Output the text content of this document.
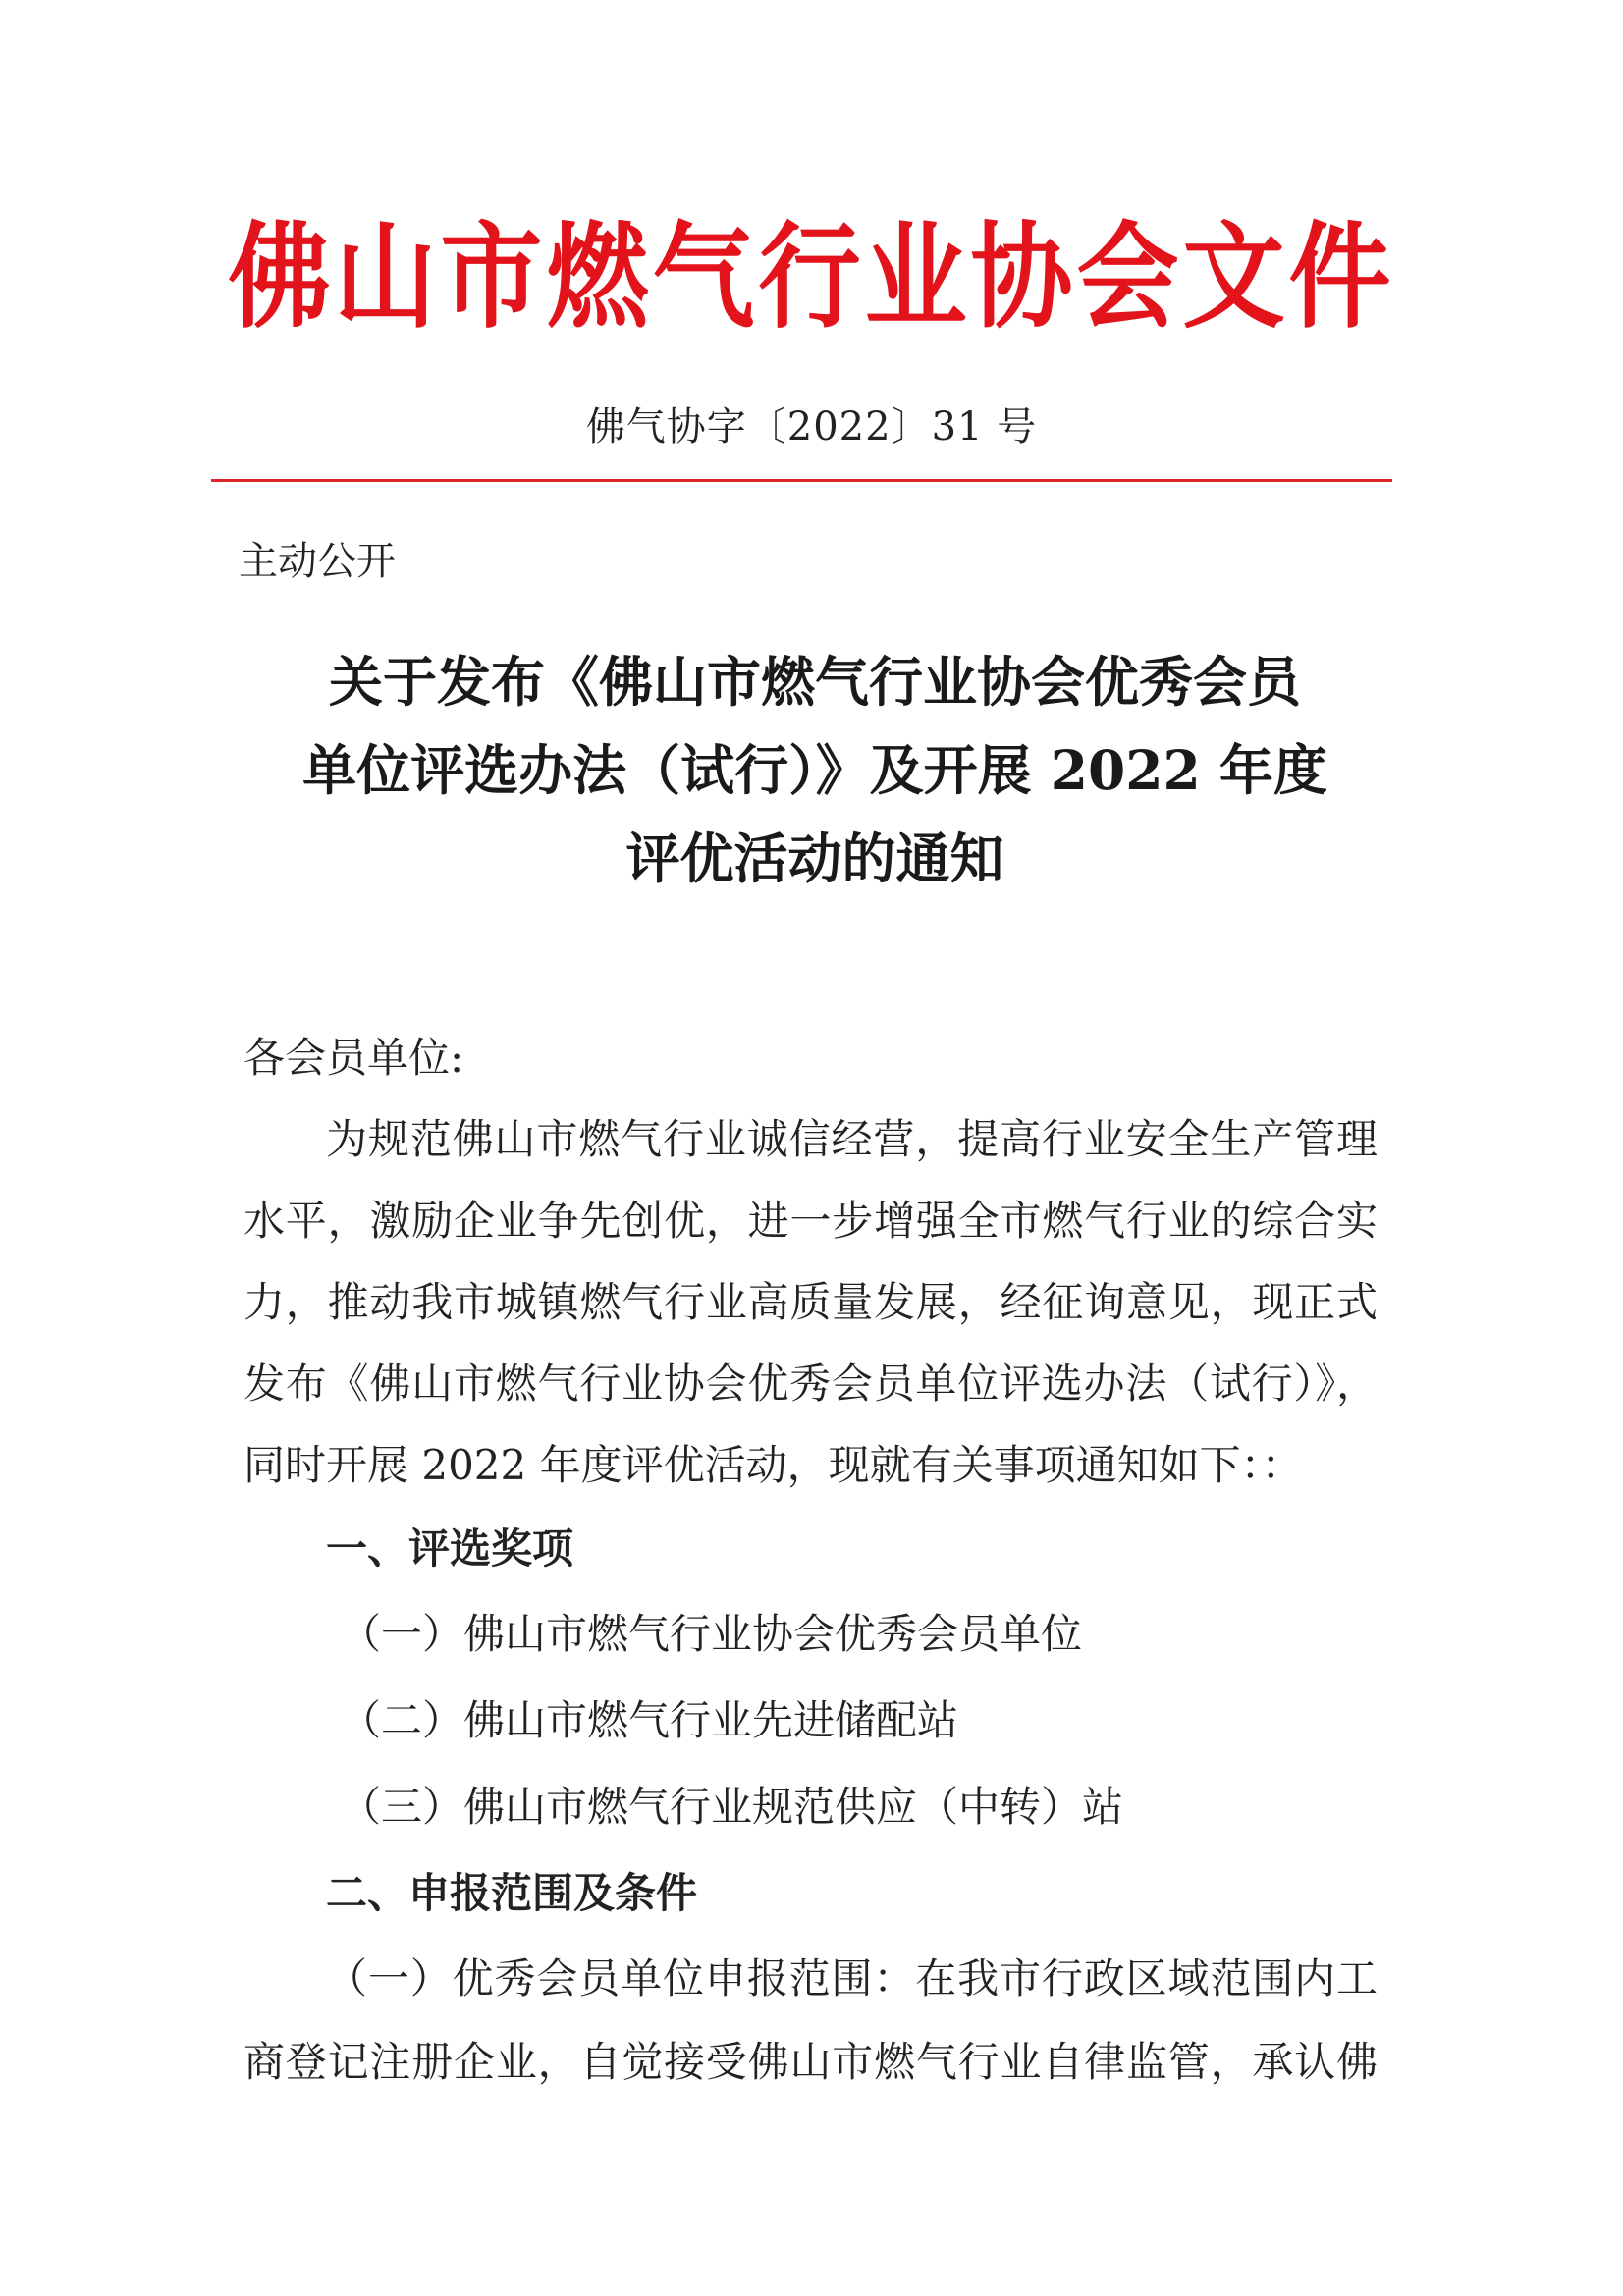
佛山市燃气行业协会文件
佛气协字〔2022〕31 号
主动公开
关于发布《佛山市燃气行业协会优秀会员
单位评选办法（试行）》及开展 2022 年度
评优活动的通知
各会员单位:
为规范佛山市燃气行业诚信经营，提高行业安全生产管理
水平，激励企业争先创优，进一步增强全市燃气行业的综合实
力，推动我市城镇燃气行业高质量发展，经征询意见，现正式
发布《佛山市燃气行业协会优秀会员单位评选办法（试行）》，
同时开展 2022 年度评优活动，现就有关事项通知如下：：
一、评选奖项
（一）佛山市燃气行业协会优秀会员单位
（二）佛山市燃气行业先进储配站
（三）佛山市燃气行业规范供应（中转）站
二、申报范围及条件
（一）优秀会员单位申报范围：在我市行政区域范围内工
商登记注册企业，自觉接受佛山市燃气行业自律监管，承认佛
